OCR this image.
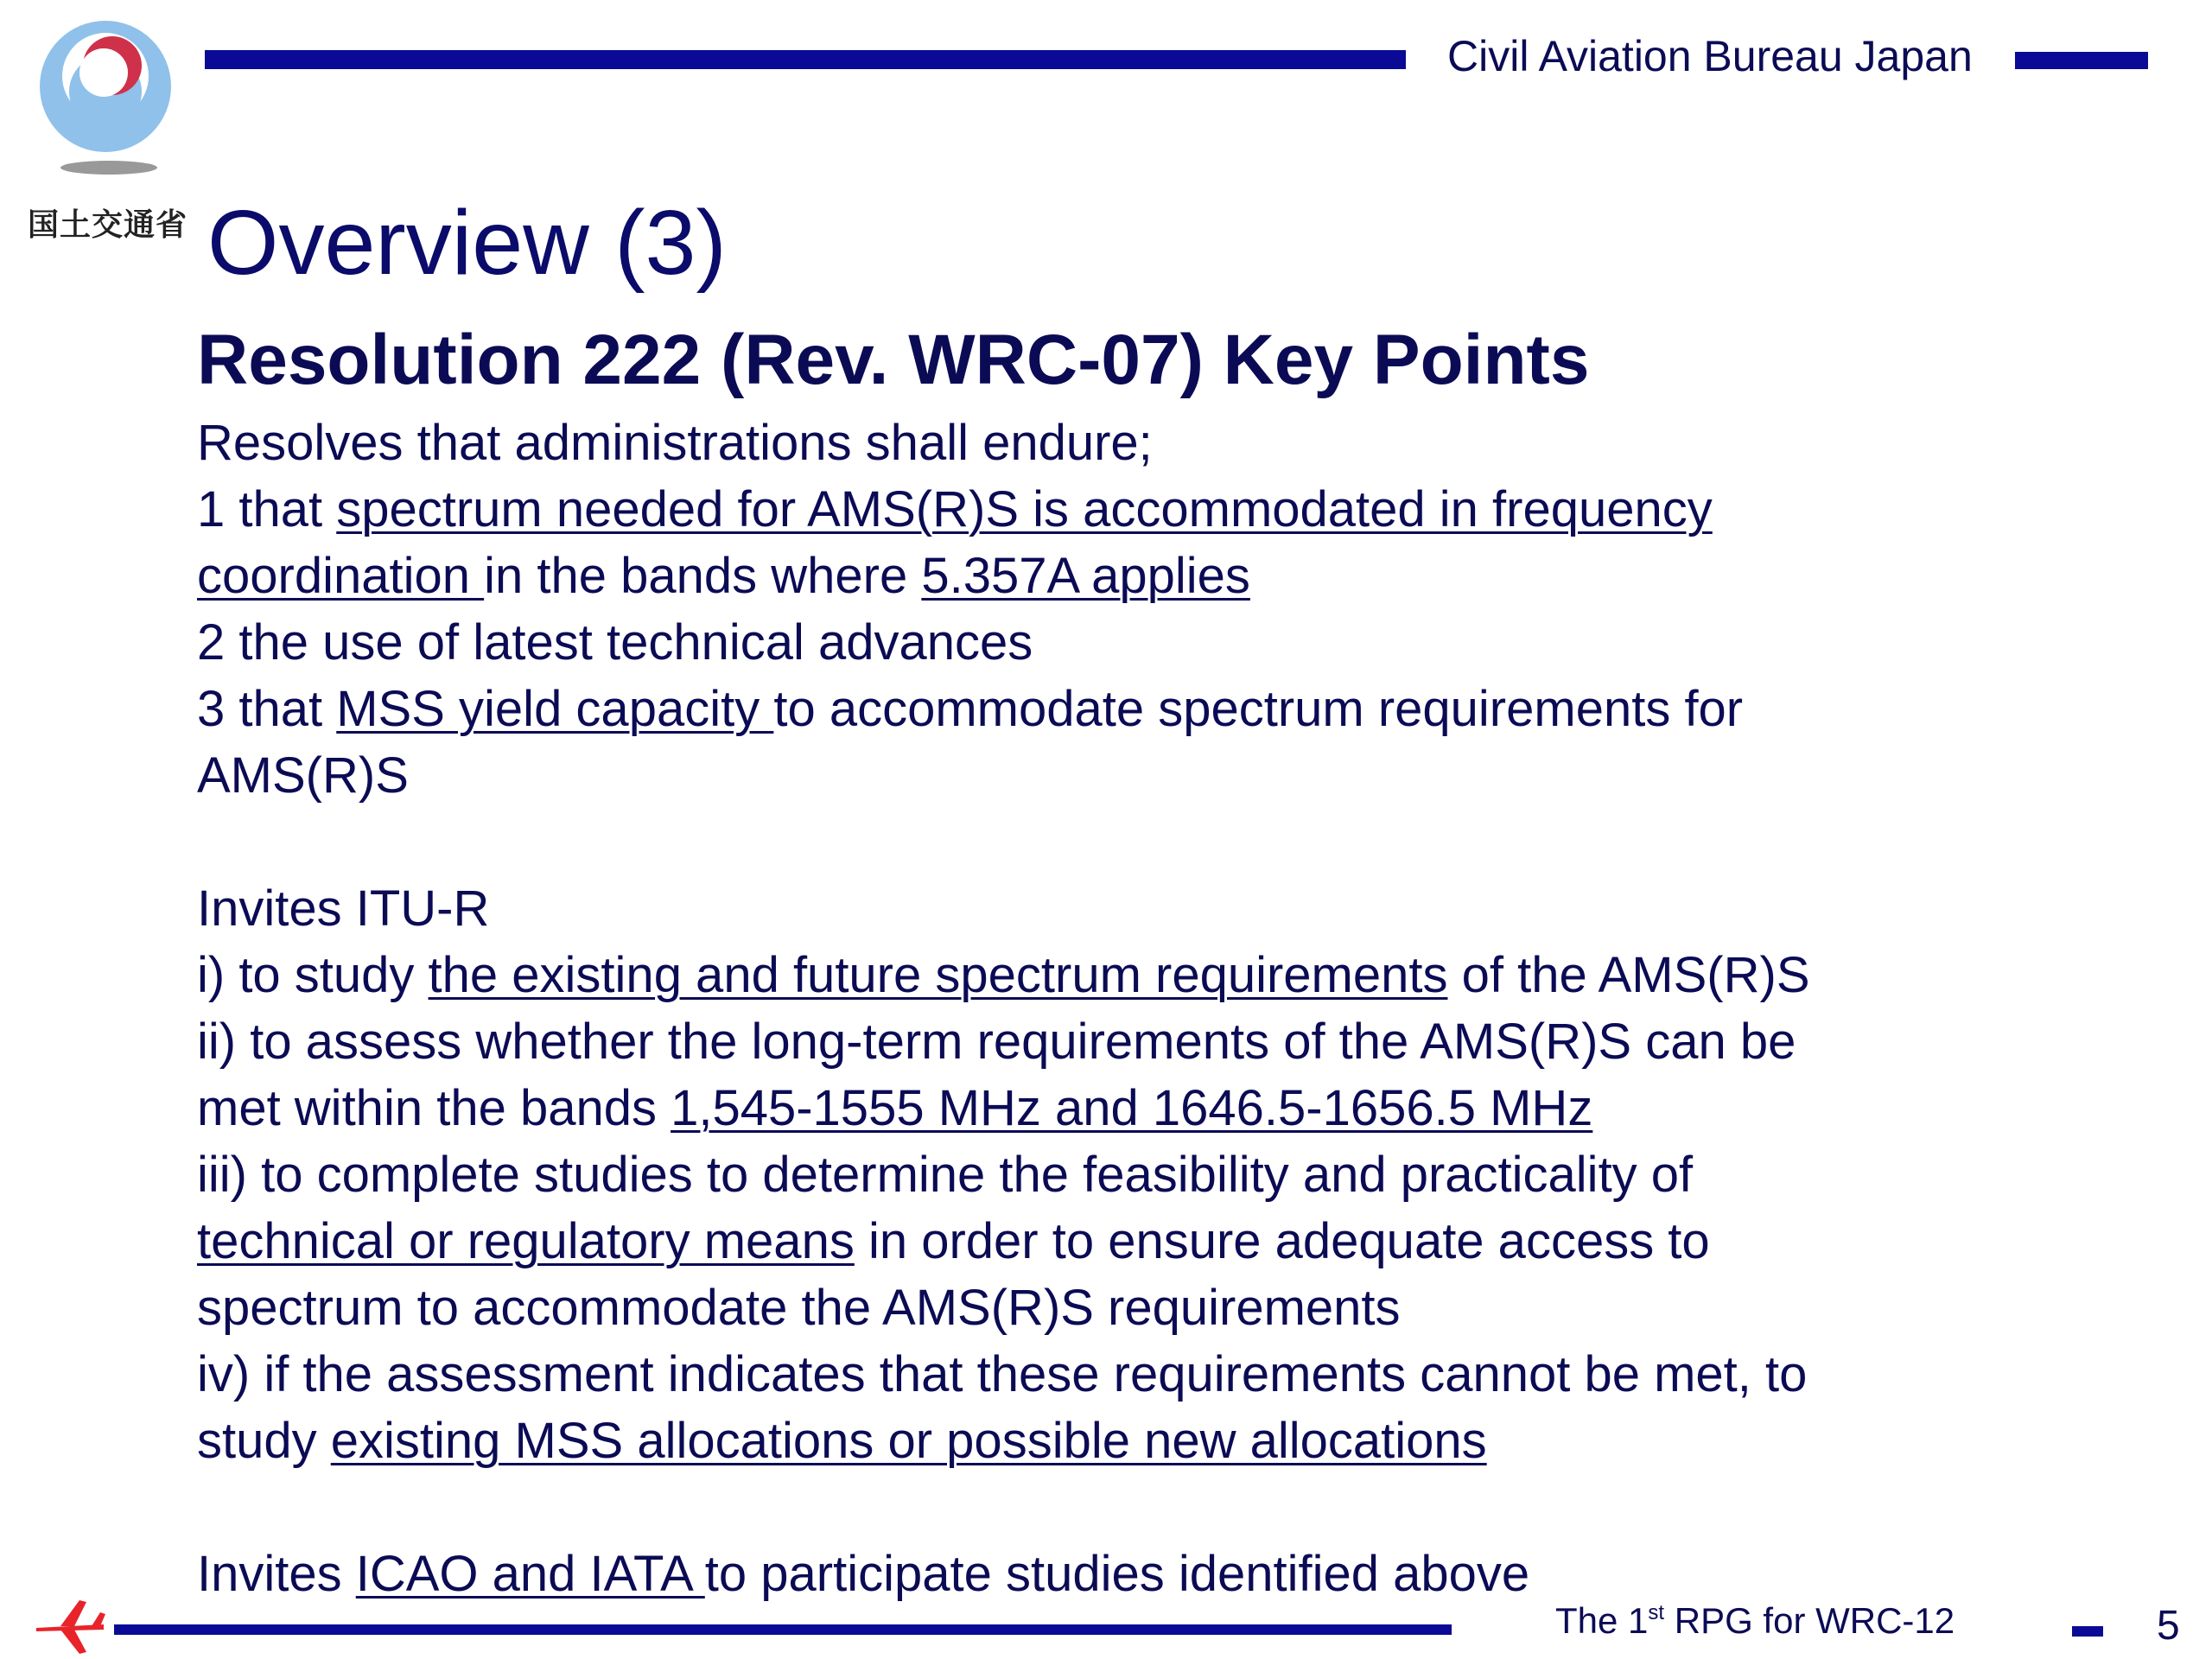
国土交通省
Civil Aviation Bureau Japan
Overview (3)
Resolution 222 (Rev. WRC-07) Key Points
Resolves that administrations shall endure;
1 that spectrum needed for AMS(R)S is accommodated in frequency
coordination in the bands where 5.357A applies
2 the use of latest technical advances
3 that MSS yield capacity to accommodate spectrum requirements for
AMS(R)S
Invites ITU-R
i) to study the existing and future spectrum requirements of the AMS(R)S
ii) to assess whether the long-term requirements of the AMS(R)S can be
met within the bands 1,545-1555 MHz and 1646.5-1656.5 MHz
iii) to complete studies to determine the feasibility and practicality of
technical or regulatory means in order to ensure adequate access to
spectrum to accommodate the AMS(R)S requirements
iv) if the assessment indicates that these requirements cannot be met, to
study existing MSS allocations or possible new allocations
Invites ICAO and IATA to participate studies identified above
The 1st RPG for WRC-12	5
